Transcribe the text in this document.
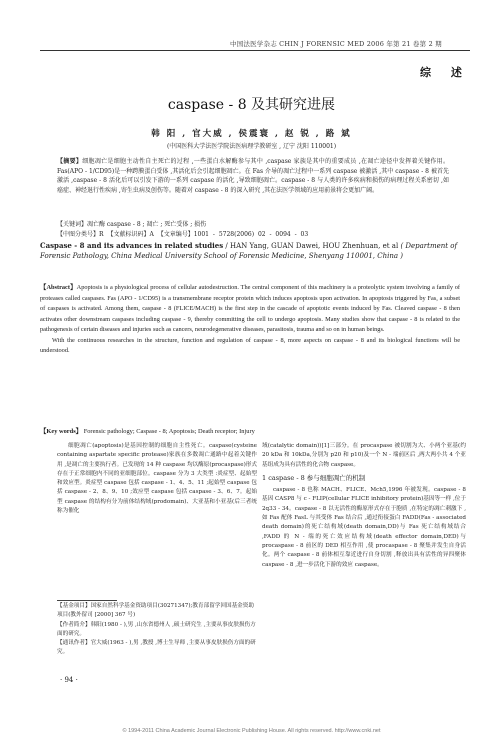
中国法医学杂志 CHIN J FORENSIC MED 2006 年第 21 卷第 2 期
综 述
caspase - 8 及其研究进展
韩 阳 , 官大威 , 侯震寰 , 赵 锐 , 路 斌
(中国医科大学法医学院法医病理学教研室 , 辽宁 沈阳 110001)
【摘要】细胞凋亡是细胞主动性自主死亡的过程 ,一些蛋白水解酶参与其中 ,caspase 家族是其中的重要成员 ,在凋亡途径中发挥着关键作用。Fas(APO - 1/CD95)是一种跨膜蛋白受体 ,其活化后会引起细胞凋亡。在 Fas 介导的凋亡过程中一系列 caspase 被激活 ,其中 caspase - 8 被首先激活 ,caspase - 8 活化后可以引发下游的一系列 caspase 的活化 ,导致细胞凋亡。caspase - 8 与人类的许多疾病和损伤的病理过程关系密切 ,如癌症、神经退行性疾病 ,寄生虫病及创伤等。随着对 caspase - 8 的深入研究 ,其在法医学领域的应用前景将会更加广阔。
【关键词】凋亡酶 caspase - 8 ; 凋亡 ; 死亡受体 ; 损伤
【中图分类号】R 【文献标识码】A 【文章编号】1001 - 5728(2006) 02 - 0094 - 03
Caspase - 8 and its advances in related studies / HAN Yang, GUAN Dawei, HOU Zhenhuan, et al ( Department of Forensic Pathology, China Medical University School of Forensic Medicine, Shenyang 110001, China )
【Abstract】Apoptosis is a physiological process of cellular autodestruction. The central component of this machinery is a proteolytic system involving a family of proteases called caspases. Fas (APO - 1/CD95) is a transmembrane receptor protein which induces apoptosis upon activation. In apoptosis triggered by Fas, a subset of caspases is activated. Among them, caspase - 8 (FLICE/MACH) is the first step in the cascade of apoptotic events induced by Fas. Cleaved caspase - 8 then activates other downstream caspases including caspase - 9, thereby committing the cell to undergo apoptosis. Many studies show that caspase - 8 is related to the pathogenesis of certain diseases and injuries such as cancers, neurodegenerative diseases, parasitosis, trauma and so on in human beings.
With the continuous researches in the structure, function and regulation of caspase - 8, more aspects on caspase - 8 and its biological functions will be understood.
【Key words】 Forensic pathology; Caspase - 8; Apoptosis; Death receptor; Injury

细胞凋亡(apoptosis)是基因控制的细胞自主性死亡。caspase(cysteine containing aspartate specific protease)家族在多数凋亡通路中起着关键作用 ,是凋亡的主要执行者。已发现的 14 种 caspase 均以酶原(procaspase)形式存在于正常细胞内不同的亚细胞部位。caspase 分为 3 大类型 :炎症型、起始型和效应型。炎症型 caspase 包括 caspase - 1、4、5、11 ;起始型 caspase 包括 caspase - 2、8、9、10 ;效应型 caspase 包括 caspase - 3、6、7。起始型 caspase 的结构有分为前体结构域(prodomain)、大亚基和小亚基(后三者统称为催化

【基金项目】国家自然科学基金资助项目(30271347);教育部留学回国基金资助项目(教外留司 [2000] 367 号)

【作者简介】韩阳(1980 - ),男 ,山东省德州人 ,硕士研究生 ,主要从事皮肤损伤方面的研究。

【通讯作者】官大威(1963 - ),男 ,教授 ,博士生导师 ,主要从事皮肤损伤方面的研究。

域(catalytic domain))[1]三部分。在 procaspase 被切割为大、小两个亚基(约 20 kDa 和 10kDa,分别为 p20 和 p10)及一个 N - 端前区后 ,两大两小共 4 个亚基组成为具有活性的化合物 caspase。

1 caspase - 8 参与细胞凋亡的机制

caspase - 8 也称 MACH、FLICE、Mch5,1996 年被发现。caspase - 8 基因 CASP8 与 c - FLIP(cellular FLICE inhibitory protein)基因等一样 ,位于 2q33 - 34。caspase - 8 以无活性的酶原形式存在于胞质 ,在特定的凋亡刺激下 ,如 Fas 配体 FasL 与其受体 Fas 结合后 ,通过衔接蛋白 FADD(Fas - associated death domain)的死亡结构域(death domain,DD)与 Fas 死亡结构域结合 ,FADD 的 N - 端的死亡效应结构域(death effector domain,DED)与 procaspase - 8 前区的 DED 相互作用 ,使 procaspase - 8 聚集并发生自身活化。两个 caspase - 8 前体相互靠近进行自身切割 ,释放出具有活性的异四聚体 caspase - 8 ,进一步活化下游的效应 caspase。

· 94 ·
© 1994-2011 China Academic Journal Electronic Publishing House. All rights reserved. http://www.cnki.net
